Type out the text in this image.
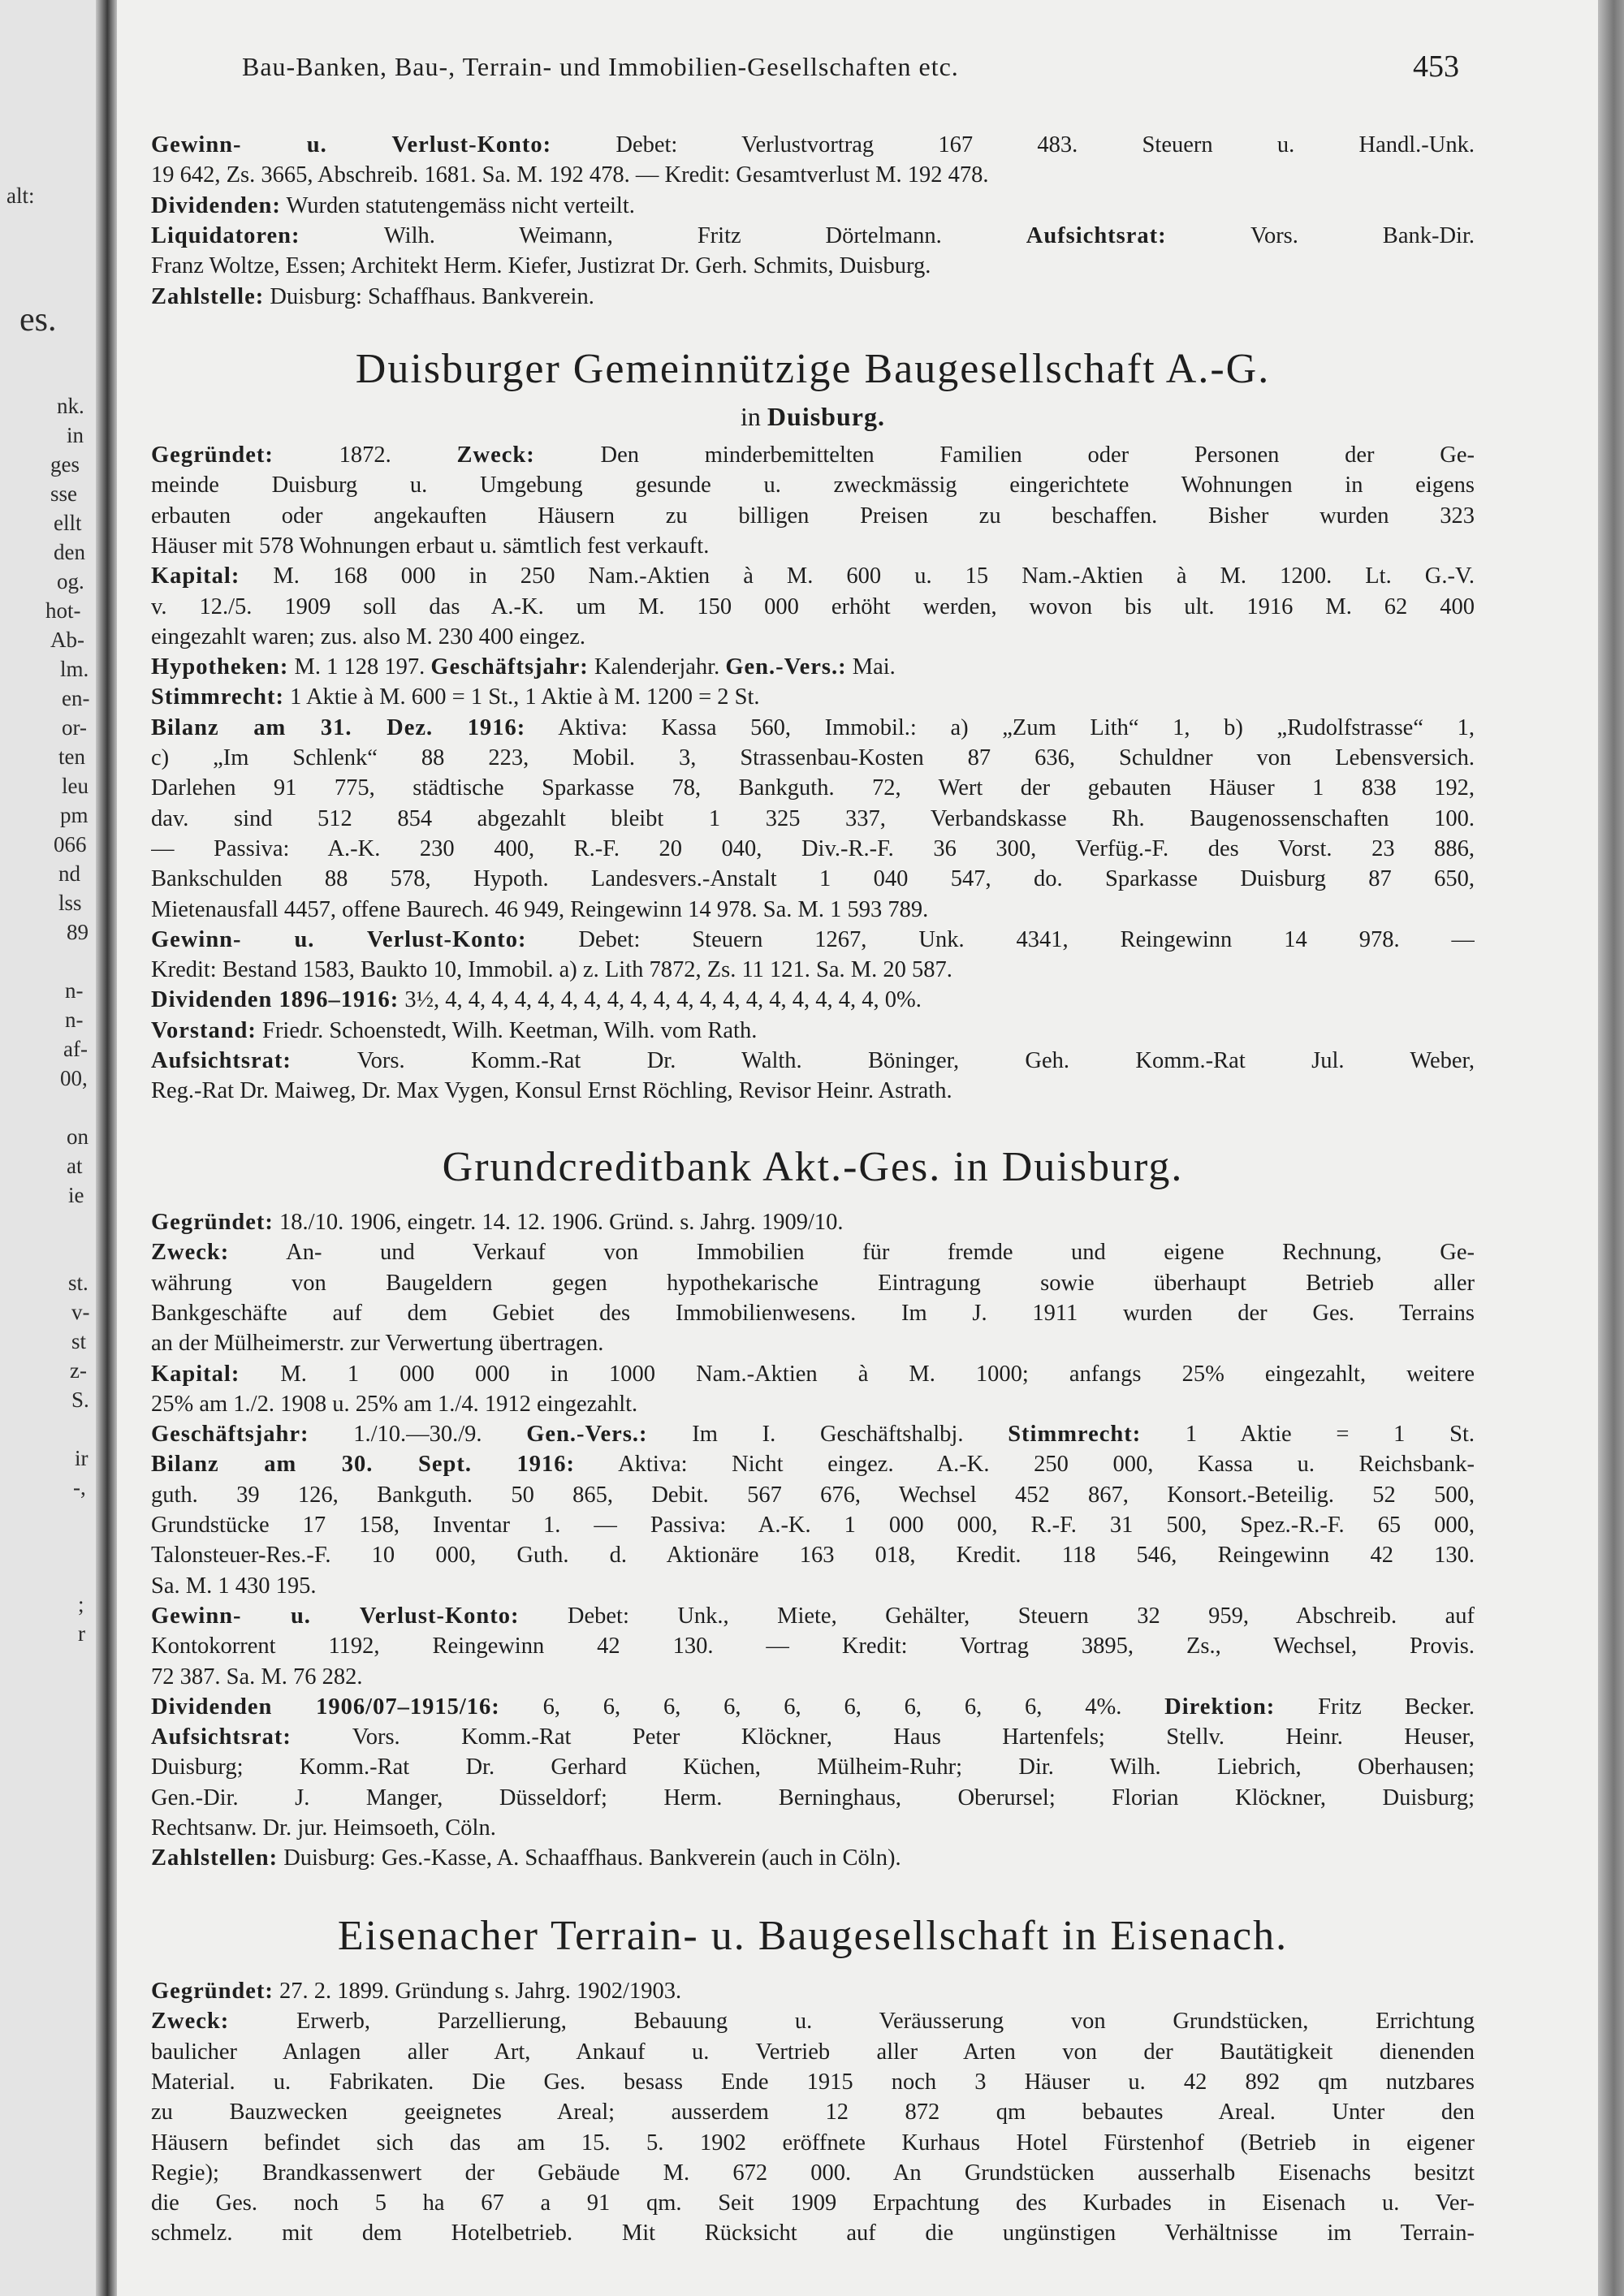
alt:
es.
nk.
in
ges
sse
ellt
den
og.
hot-
Ab-
lm.
en-
or-
ten
leu
pm
066
nd
lss
89
n-
n-
af-
00,
on
at
ie
st.
v-
st
z-
S.
ir
-,
;
r
Bau-Banken, Bau-, Terrain- und Immobilien-Gesellschaften etc.	453
Gewinn- u. Verlust-Konto: Debet: Verlustvortrag 167 483. Steuern u. Handl.-Unk.
19 642, Zs. 3665, Abschreib. 1681. Sa. M. 192 478. — Kredit: Gesamtverlust M. 192 478.
Dividenden: Wurden statutengemäss nicht verteilt.
Liquidatoren: Wilh. Weimann, Fritz Dörtelmann.	Aufsichtsrat: Vors. Bank-Dir.
Franz Woltze, Essen; Architekt Herm. Kiefer, Justizrat Dr. Gerh. Schmits, Duisburg.
Zahlstelle: Duisburg: Schaffhaus. Bankverein.
Duisburger Gemeinnützige Baugesellschaft A.-G.
in Duisburg.
Gegründet: 1872.	Zweck: Den minderbemittelten Familien oder Personen der Ge-
meinde Duisburg u. Umgebung gesunde u. zweckmässig eingerichtete Wohnungen in eigens
erbauten oder angekauften Häusern zu billigen Preisen zu beschaffen. Bisher wurden 323
Häuser mit 578 Wohnungen erbaut u. sämtlich fest verkauft.
Kapital: M. 168 000 in 250 Nam.-Aktien à M. 600 u. 15 Nam.-Aktien à M. 1200. Lt. G.-V.
v. 12./5. 1909 soll das A.-K. um M. 150 000 erhöht werden, wovon bis ult. 1916 M. 62 400
eingezahlt waren; zus. also M. 230 400 eingez.
Hypotheken: M. 1 128 197. Geschäftsjahr: Kalenderjahr. Gen.-Vers.: Mai.
Stimmrecht: 1 Aktie à M. 600 = 1 St., 1 Aktie à M. 1200 = 2 St.
Bilanz am 31. Dez. 1916: Aktiva: Kassa 560, Immobil.: a) „Zum Lith“ 1, b) „Rudolfstrasse“ 1,
c) „Im Schlenk“ 88 223, Mobil. 3, Strassenbau-Kosten 87 636, Schuldner von Lebensversich.
Darlehen 91 775, städtische Sparkasse 78, Bankguth. 72, Wert der gebauten Häuser 1 838 192,
dav. sind 512 854 abgezahlt bleibt 1 325 337, Verbandskasse Rh. Baugenossenschaften 100.
— Passiva: A.-K. 230 400, R.-F. 20 040, Div.-R.-F. 36 300, Verfüg.-F. des Vorst. 23 886,
Bankschulden 88 578, Hypoth. Landesvers.-Anstalt 1 040 547, do. Sparkasse Duisburg 87 650,
Mietenausfall 4457, offene Baurech. 46 949, Reingewinn 14 978. Sa. M. 1 593 789.
Gewinn- u. Verlust-Konto: Debet: Steuern 1267, Unk. 4341, Reingewinn 14 978. —
Kredit: Bestand 1583, Baukto 10, Immobil. a) z. Lith 7872, Zs. 11 121. Sa. M. 20 587.
Dividenden 1896–1916: 3½, 4, 4, 4, 4, 4, 4, 4, 4, 4, 4, 4, 4, 4, 4, 4, 4, 4, 4, 4, 0%.
Vorstand: Friedr. Schoenstedt, Wilh. Keetman, Wilh. vom Rath.
Aufsichtsrat: Vors. Komm.-Rat Dr. Walth. Böninger, Geh. Komm.-Rat Jul. Weber,
Reg.-Rat Dr. Maiweg, Dr. Max Vygen, Konsul Ernst Röchling, Revisor Heinr. Astrath.
Grundcreditbank Akt.-Ges. in Duisburg.
Gegründet: 18./10. 1906, eingetr. 14. 12. 1906. Gründ. s. Jahrg. 1909/10.
Zweck: An- und Verkauf von Immobilien für fremde und eigene Rechnung, Ge-
währung von Baugeldern gegen hypothekarische Eintragung sowie überhaupt Betrieb aller
Bankgeschäfte auf dem Gebiet des Immobilienwesens. Im J. 1911 wurden der Ges. Terrains
an der Mülheimerstr. zur Verwertung übertragen.
Kapital: M. 1 000 000 in 1000 Nam.-Aktien à M. 1000; anfangs 25% eingezahlt, weitere
25% am 1./2. 1908 u. 25% am 1./4. 1912 eingezahlt.
Geschäftsjahr: 1./10.—30./9. Gen.-Vers.: Im I. Geschäftshalbj. Stimmrecht: 1 Aktie = 1 St.
Bilanz am 30. Sept. 1916: Aktiva: Nicht eingez. A.-K. 250 000, Kassa u. Reichsbank-
guth. 39 126, Bankguth. 50 865, Debit. 567 676, Wechsel 452 867, Konsort.-Beteilig. 52 500,
Grundstücke 17 158, Inventar 1. — Passiva: A.-K. 1 000 000, R.-F. 31 500, Spez.-R.-F. 65 000,
Talonsteuer-Res.-F. 10 000, Guth. d. Aktionäre 163 018, Kredit. 118 546, Reingewinn 42 130.
Sa. M. 1 430 195.
Gewinn- u. Verlust-Konto: Debet: Unk., Miete, Gehälter, Steuern 32 959, Abschreib. auf
Kontokorrent 1192, Reingewinn 42 130. — Kredit: Vortrag 3895, Zs., Wechsel, Provis.
72 387. Sa. M. 76 282.
Dividenden 1906/07–1915/16: 6, 6, 6, 6, 6, 6, 6, 6, 6, 4%. Direktion: Fritz Becker.
Aufsichtsrat: Vors. Komm.-Rat Peter Klöckner, Haus Hartenfels; Stellv. Heinr. Heuser,
Duisburg; Komm.-Rat Dr. Gerhard Küchen, Mülheim-Ruhr; Dir. Wilh. Liebrich, Oberhausen;
Gen.-Dir. J. Manger, Düsseldorf; Herm. Berninghaus, Oberursel; Florian Klöckner, Duisburg;
Rechtsanw. Dr. jur. Heimsoeth, Cöln.
Zahlstellen: Duisburg: Ges.-Kasse, A. Schaaffhaus. Bankverein (auch in Cöln).
Eisenacher Terrain- u. Baugesellschaft in Eisenach.
Gegründet: 27. 2. 1899. Gründung s. Jahrg. 1902/1903.
Zweck: Erwerb, Parzellierung, Bebauung u. Veräusserung von Grundstücken, Errichtung
baulicher Anlagen aller Art, Ankauf u. Vertrieb aller Arten von der Bautätigkeit dienenden
Material. u. Fabrikaten. Die Ges. besass Ende 1915 noch 3 Häuser u. 42 892 qm nutzbares
zu Bauzwecken geeignetes Areal; ausserdem 12 872 qm bebautes Areal. Unter den
Häusern befindet sich das am 15. 5. 1902 eröffnete Kurhaus Hotel Fürstenhof (Betrieb in eigener
Regie); Brandkassenwert der Gebäude M. 672 000. An Grundstücken ausserhalb Eisenachs besitzt
die Ges. noch 5 ha 67 a 91 qm. Seit 1909 Erpachtung des Kurbades in Eisenach u. Ver-
schmelz. mit dem Hotelbetrieb. Mit Rücksicht auf die ungünstigen Verhältnisse im Terrain-
